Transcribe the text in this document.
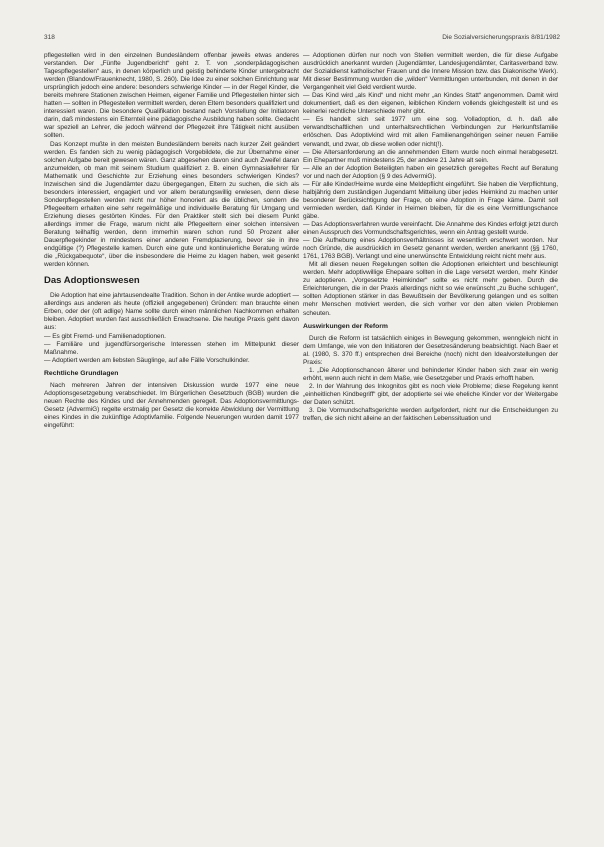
318	Die Sozialversicherungspraxis 8/81/1982

pflegestellen wird in den einzelnen Bundesländern offenbar jeweils etwas anderes verstanden. Der „Fünfte Jugendbericht“ geht z. T. von „sonderpädagogischen Tagespflegestellen“ aus, in denen körperlich und geistig behinderte Kinder untergebracht werden (Blandow/Frauenknecht, 1980, S. 260). Die Idee zu einer solchen Einrichtung war ursprünglich jedoch eine andere: besonders schwierige Kinder — in der Regel Kinder, die bereits mehrere Stationen zwischen Heimen, eigener Familie und Pflegestellen hinter sich hatten — sollten in Pflegestellen vermittelt werden, deren Eltern besonders qualifiziert und interessiert waren. Die besondere Qualifikation bestand nach Vorstellung der Initiatoren darin, daß mindestens ein Elternteil eine pädagogische Ausbildung haben sollte. Gedacht war speziell an Lehrer, die jedoch während der Pflegezeit ihre Tätigkeit nicht ausüben sollten.

Das Konzept mußte in den meisten Bundesländern bereits nach kurzer Zeit geändert werden. Es fanden sich zu wenig pädagogisch Vorgebildete, die zur Übernahme einer solchen Aufgabe bereit gewesen wären. Ganz abgesehen davon sind auch Zweifel daran anzumelden, ob man mit seinem Studium qualifiziert z. B. einen Gymnasiallehrer für Mathematik und Geschichte zur Erziehung eines besonders schwierigen Kindes? Inzwischen sind die Jugendämter dazu übergegangen, Eltern zu suchen, die sich als besonders interessiert, engagiert und vor allem beratungswillig erwiesen, denn diese Sonderpflegestellen werden nicht nur höher honoriert als die üblichen, sondern die Pflegeeltern erhalten eine sehr regelmäßige und individuelle Beratung für Umgang und Erziehung dieses gestörten Kindes. Für den Praktiker stellt sich bei diesem Punkt allerdings immer die Frage, warum nicht alle Pflegeeltern einer solchen intensiven Beratung teilhaftig werden, denn immerhin waren schon rund 50 Prozent aller Dauerpflegekinder in mindestens einer anderen Fremdplazierung, bevor sie in ihre endgültige (?) Pflegestelle kamen. Durch eine gute und kontinuierliche Beratung würde die „Rückgabequote“, über die insbesondere die Heime zu klagen haben, weit gesenkt werden können.

Das Adoptionswesen

Die Adoption hat eine jahrtausendealte Tradition. Schon in der Antike wurde adoptiert — allerdings aus anderen als heute (offiziell angegebenen) Gründen: man brauchte einen Erben, oder der (oft adlige) Name sollte durch einen männlichen Nachkommen erhalten bleiben. Adoptiert wurden fast ausschließlich Erwachsene. Die heutige Praxis geht davon aus:

— Es gibt Fremd- und Familienadoptionen.

— Familiäre und jugendfürsorgerische Interessen stehen im Mittelpunkt dieser Maßnahme.

— Adoptiert werden am liebsten Säuglinge, auf alle Fälle Vorschulkinder.

Rechtliche Grundlagen

Nach mehreren Jahren der intensiven Diskussion wurde 1977 eine neue Adoptionsgesetzgebung verabschiedet. Im Bürgerlichen Gesetzbuch (BGB) wurden die neuen Rechte des Kindes und der Annehmenden geregelt. Das Adoptionsvermittlungs-Gesetz (AdvermiG) regelte erstmalig per Gesetz die korrekte Abwicklung der Vermittlung eines Kindes in die zukünftige Adoptivfamilie. Folgende Neuerungen wurden damit 1977 eingeführt:

— Adoptionen dürfen nur noch von Stellen vermittelt werden, die für diese Aufgabe ausdrücklich anerkannt wurden (Jugendämter, Landesjugendämter, Caritasverband bzw. der Sozialdienst katholischer Frauen und die Innere Mission bzw. das Diakonische Werk). Mit dieser Bestimmung wurden die „wilden“ Vermittlungen unterbunden, mit denen in der Vergangenheit viel Geld verdient wurde.

— Das Kind wird „als Kind“ und nicht mehr „an Kindes Statt“ angenommen. Damit wird dokumentiert, daß es den eigenen, leiblichen Kindern vollends gleichgestellt ist und es keinerlei rechtliche Unterschiede mehr gibt.

— Es handelt sich seit 1977 um eine sog. Volladoption, d. h. daß alle verwandtschaftlichen und unterhaltsrechtlichen Verbindungen zur Herkunftsfamilie erlöschen. Das Adoptivkind wird mit allen Familienangehörigen seiner neuen Familie verwandt, und zwar, ob diese wollen oder nicht(!).

— Die Altersanforderung an die annehmenden Eltern wurde noch einmal herabgesetzt. Ein Ehepartner muß mindestens 25, der andere 21 Jahre alt sein.

— Alle an der Adoption Beteiligten haben ein gesetzlich geregeltes Recht auf Beratung vor und nach der Adoption (§ 9 des AdvermiG).

— Für alle Kinder/Heime wurde eine Meldepflicht eingeführt. Sie haben die Verpflichtung, halbjährig dem zuständigen Jugendamt Mitteilung über jedes Heimkind zu machen unter besonderer Berücksichtigung der Frage, ob eine Adoption in Frage käme. Damit soll vermieden werden, daß Kinder in Heimen bleiben, für die es eine Vermittlungschance gäbe.

— Das Adoptionsverfahren wurde vereinfacht. Die Annahme des Kindes erfolgt jetzt durch einen Ausspruch des Vormundschaftsgerichtes, wenn ein Antrag gestellt wurde.

— Die Aufhebung eines Adoptionsverhältnisses ist wesentlich erschwert worden. Nur noch Gründe, die ausdrücklich im Gesetz genannt werden, werden anerkannt (§§ 1760, 1761, 1763 BGB). Verlangt und eine unerwünschte Entwicklung reicht nicht mehr aus.

Mit all diesen neuen Regelungen sollten die Adoptionen erleichtert und beschleunigt werden. Mehr adoptivwillige Ehepaare sollten in die Lage versetzt werden, mehr Kinder zu adoptieren. „Vorgesetzte Heimkinder“ sollte es nicht mehr geben. Durch die Erleichterungen, die in der Praxis allerdings nicht so wie erwünscht „zu Buche schlugen“, sollten Adoptionen stärker in das Bewußtsein der Bevölkerung gelangen und es sollten mehr Menschen motiviert werden, die sich vorher vor den alten vielen Problemen scheuten.

Auswirkungen der Reform

Durch die Reform ist tatsächlich einiges in Bewegung gekommen, wenngleich nicht in dem Umfange, wie von den Initiatoren der Gesetzesänderung beabsichtigt. Nach Baer et al. (1980, S. 370 ff.) entsprechen drei Bereiche (noch) nicht den Idealvorstellungen der Praxis:

1. „Die Adoptionschancen älterer und behinderter Kinder haben sich zwar ein wenig erhöht, wenn auch nicht in dem Maße, wie Gesetzgeber und Praxis erhofft haben.

2. In der Wahrung des Inkognitos gibt es noch viele Probleme; diese Regelung kennt „einheitlichen Kindbegriff“ gibt, der adoptierte sei wie eheliche Kinder vor der Weitergabe der Daten schützt.

3. Die Vormundschaftsgerichte werden aufgefordert, nicht nur die Entscheidungen zu treffen, die sich nicht alleine an der faktischen Lebenssituation und
